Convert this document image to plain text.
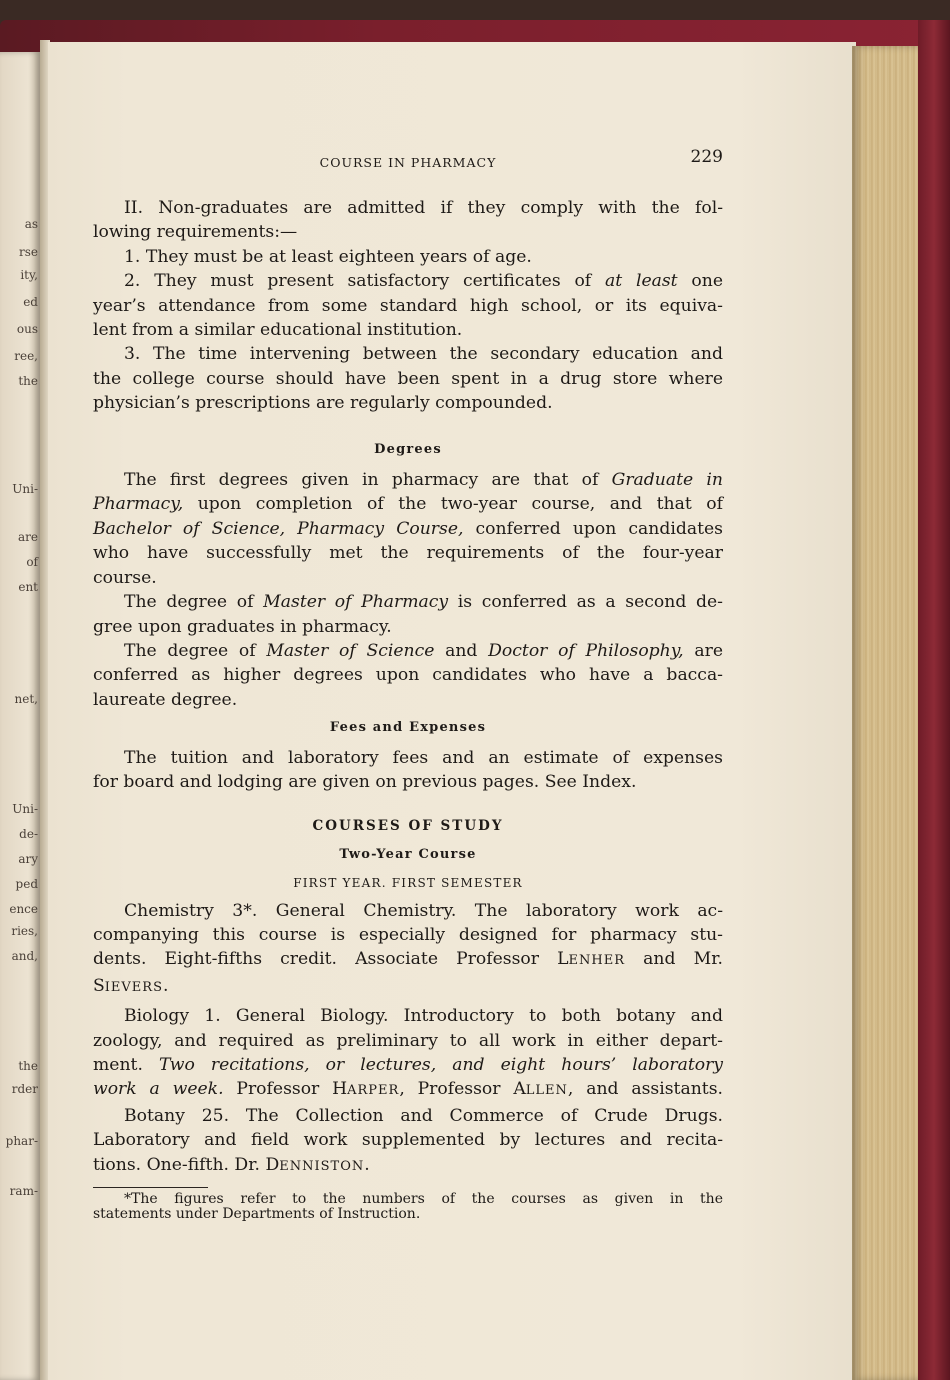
as
rse
ity,
ed
ous
ree,
the
Uni-
are
of
ent
net,
Uni-
de-
ary
ped
ence
ries,
and,
the
rder
phar-
ram-
COURSE IN PHARMACY	229

II. Non-graduates are admitted if they comply with the fol-

lowing requirements:—

1. They must be at least eighteen years of age.

2. They must present satisfactory certificates of at least one

year’s attendance from some standard high school, or its equiva-

lent from a similar educational institution.

3. The time intervening between the secondary education and

the college course should have been spent in a drug store where

physician’s prescriptions are regularly compounded.

Degrees

The first degrees given in pharmacy are that of Graduate in

Pharmacy, upon completion of the two-year course, and that of

Bachelor of Science, Pharmacy Course, conferred upon candidates

who have successfully met the requirements of the four-year

course.

The degree of Master of Pharmacy is conferred as a second de-

gree upon graduates in pharmacy.

The degree of Master of Science and Doctor of Philosophy, are

conferred as higher degrees upon candidates who have a bacca-

laureate degree.

Fees and Expenses

The tuition and laboratory fees and an estimate of expenses

for board and lodging are given on previous pages. See Index.

COURSES OF STUDY

Two-Year Course

FIRST YEAR. FIRST SEMESTER

Chemistry 3*. General Chemistry. The laboratory work ac-

companying this course is especially designed for pharmacy stu-

dents. Eight-fifths credit. Associate Professor LENHER and Mr.

SIEVERS.

Biology 1. General Biology. Introductory to both botany and

zoology, and required as preliminary to all work in either depart-

ment. Two recitations, or lectures, and eight hours’ laboratory

work a week. Professor HARPER, Professor ALLEN, and assistants.

Botany 25. The Collection and Commerce of Crude Drugs.

Laboratory and field work supplemented by lectures and recita-

tions. One-fifth. Dr. DENNISTON.

*The figures refer to the numbers of the courses as given in the

statements under Departments of Instruction.
